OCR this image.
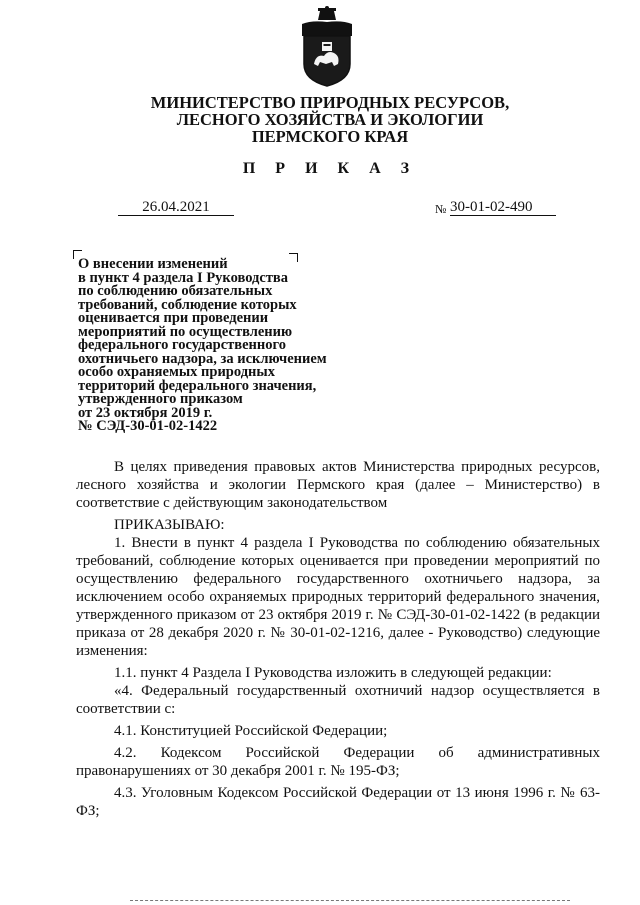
МИНИСТЕРСТВО ПРИРОДНЫХ РЕСУРСОВ,
ЛЕСНОГО ХОЗЯЙСТВА И ЭКОЛОГИИ
ПЕРМСКОГО КРАЯ
П Р И К А З
26.04.2021	№ 30-01-02-490
О внесении изменений
в пункт 4 раздела I Руководства
по соблюдению обязательных
требований, соблюдение которых
оценивается при проведении
мероприятий по осуществлению
федерального государственного
охотничьего надзора, за исключением
особо охраняемых природных
территорий федерального значения,
утвержденного приказом
от 23 октября 2019 г.
№ СЭД-30-01-02-1422

В целях приведения правовых актов Министерства природных ресурсов, лесного хозяйства и экологии Пермского края (далее – Министерство) в соответствие с действующим законодательством

ПРИКАЗЫВАЮ:

1. Внести в пункт 4 раздела I Руководства по соблюдению обязательных требований, соблюдение которых оценивается при проведении мероприятий по осуществлению федерального государственного охотничьего надзора, за исключением особо охраняемых природных территорий федерального значения, утвержденного приказом от 23 октября 2019 г. № СЭД-30-01-02-1422 (в редакции приказа от 28 декабря 2020 г. № 30-01-02-1216, далее - Руководство) следующие изменения:

1.1. пункт 4 Раздела I Руководства изложить в следующей редакции:

«4. Федеральный государственный охотничий надзор осуществляется в соответствии с:

4.1. Конституцией Российской Федерации;

4.2. Кодексом Российской Федерации об административных

правонарушениях от 30 декабря 2001 г. № 195-ФЗ;

4.3. Уголовным Кодексом Российской Федерации от 13 июня 1996 г. № 63-ФЗ;
